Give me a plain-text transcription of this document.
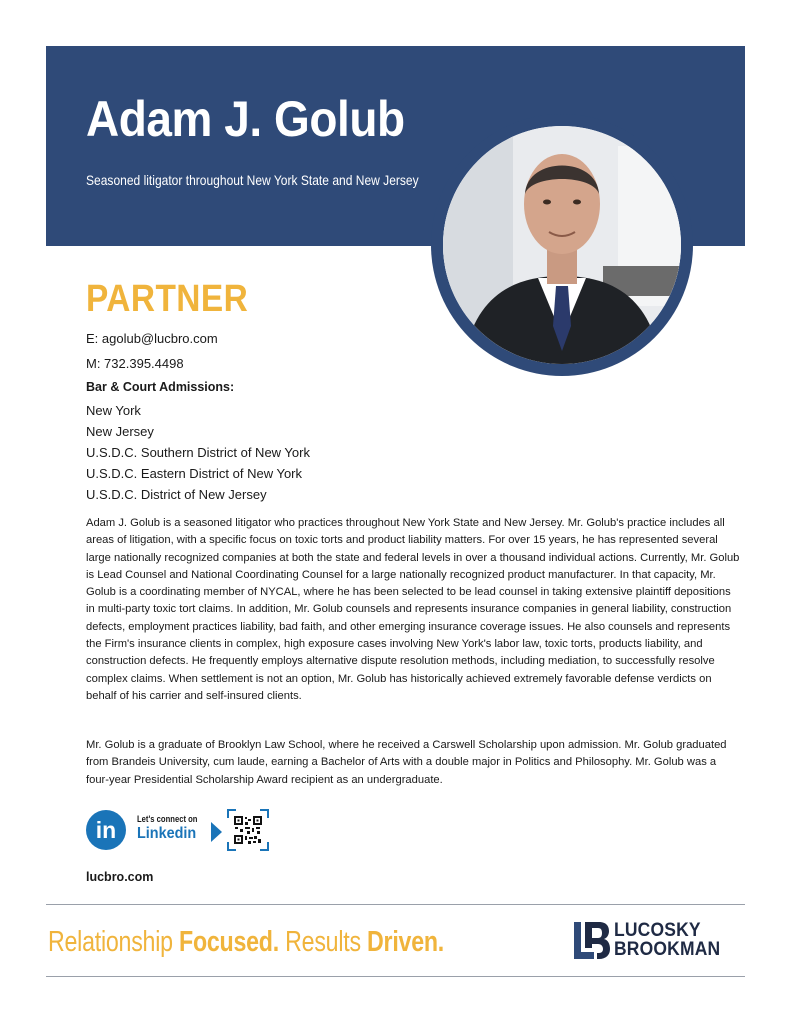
Adam J. Golub
Seasoned litigator throughout New York State and New Jersey
PARTNER
E: agolub@lucbro.com
M: 732.395.4498
Bar & Court Admissions:
New York
New Jersey
U.S.D.C. Southern District of New York
U.S.D.C. Eastern District of New York
U.S.D.C. District of New Jersey

Adam J. Golub is a seasoned litigator who practices throughout New York State and New Jersey. Mr. Golub's practice includes all areas of litigation, with a specific focus on toxic torts and product liability matters. For over 15 years, he has represented several large nationally recognized companies at both the state and federal levels in over a thousand individual actions. Currently, Mr. Golub is Lead Counsel and National Coordinating Counsel for a large nationally recognized product manufacturer. In that capacity, Mr. Golub is a coordinating member of NYCAL, where he has been selected to be lead counsel in taking extensive plaintiff depositions in multi-party toxic tort claims. In addition, Mr. Golub counsels and represents insurance companies in general liability, construction defects, employment practices liability, bad faith, and other emerging insurance coverage issues. He also counsels and represents the Firm's insurance clients in complex, high exposure cases involving New York's labor law, toxic torts, products liability, and construction defects. He frequently employs alternative dispute resolution methods, including mediation, to successfully resolve complex claims. When settlement is not an option, Mr. Golub has historically achieved extremely favorable defense verdicts on behalf of his carrier and self-insured clients.

Mr. Golub is a graduate of Brooklyn Law School, where he received a Carswell Scholarship upon admission. Mr. Golub graduated from Brandeis University, cum laude, earning a Bachelor of Arts with a double major in Politics and Philosophy. Mr. Golub was a four-year Presidential Scholarship Award recipient as an undergraduate.

in	Let's connect on
Linkedin
lucbro.com
Relationship Focused. Results Driven.	LUCOSKY
BROOKMAN
